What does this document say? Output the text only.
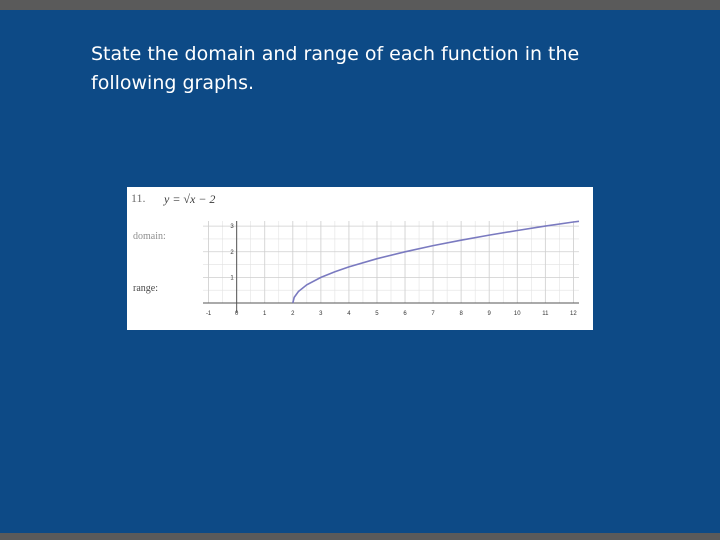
State the domain and range of each function in the
following graphs.
11. y = √x − 2
domain:
range:
-1	0	1	2	3	4	5	6	7	8	9	10	11	12
1
2
3
